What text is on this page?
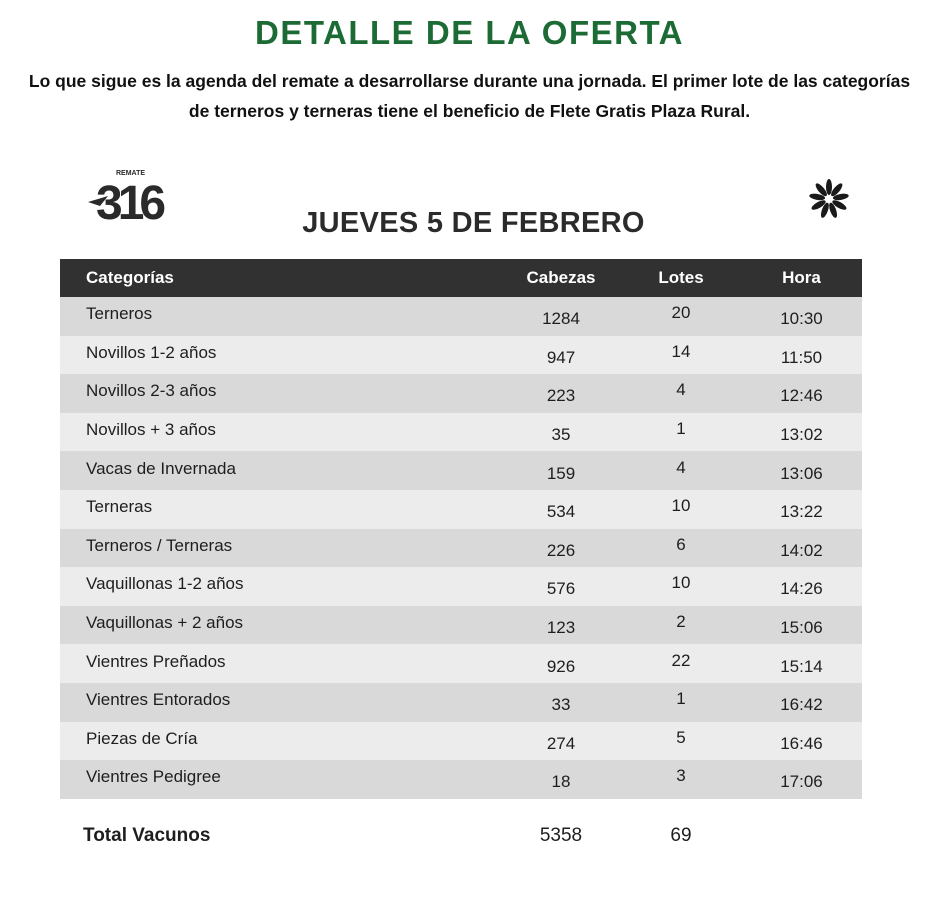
DETALLE DE LA OFERTA
Lo que sigue es la agenda del remate a desarrollarse durante una jornada. El primer lote de las categorías
de terneros y terneras tiene el beneficio de Flete Gratis Plaza Rural.
REMATE
316	JUEVES 5 DE FEBRERO
Categorías	Cabezas	Lotes	Hora
Terneros	1284	20	10:30
Novillos 1-2 años	947	14	11:50
Novillos 2-3 años	223	4	12:46
Novillos + 3 años	35	1	13:02
Vacas de Invernada	159	4	13:06
Terneras	534	10	13:22
Terneros / Terneras	226	6	14:02
Vaquillonas 1-2 años	576	10	14:26
Vaquillonas + 2 años	123	2	15:06
Vientres Preñados	926	22	15:14
Vientres Entorados	33	1	16:42
Piezas de Cría	274	5	16:46
Vientres Pedigree	18	3	17:06
Total Vacunos	5358	69
